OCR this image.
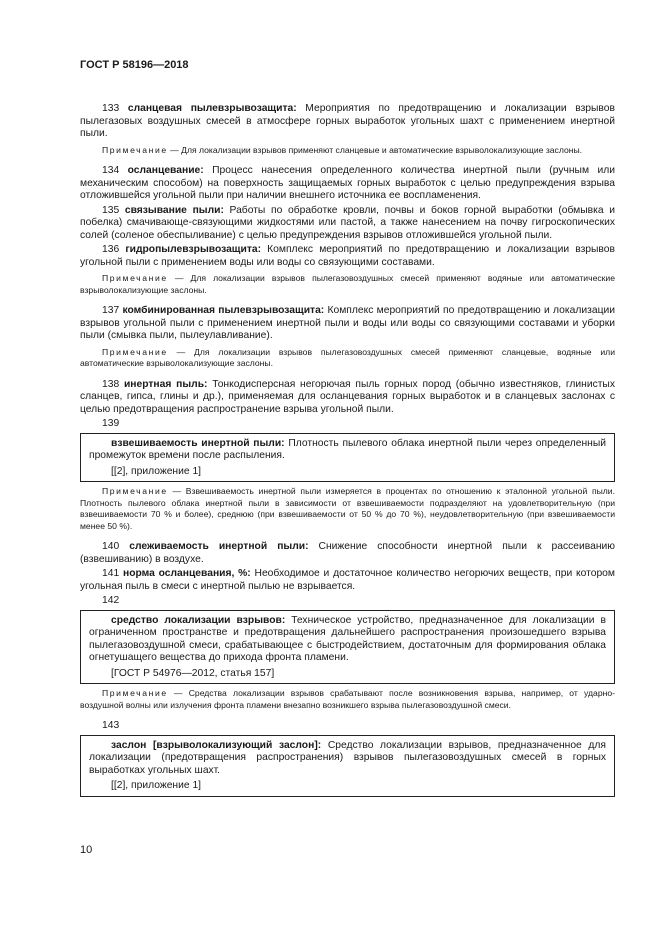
ГОСТ Р 58196—2018

133 сланцевая пылевзрывозащита: Мероприятия по предотвращению и локализации взрывов пылегазовых воздушных смесей в атмосфере горных выработок угольных шахт с применением инертной пыли.

Примечание — Для локализации взрывов применяют сланцевые и автоматические взрыволокализующие заслоны.

134 осланцевание: Процесс нанесения определенного количества инертной пыли (ручным или механическим способом) на поверхность защищаемых горных выработок с целью предупреждения взрыва отложившейся угольной пыли при наличии внешнего источника ее воспламенения.

135 связывание пыли: Работы по обработке кровли, почвы и боков горной выработки (обмывка и побелка) смачивающе-связующими жидкостями или пастой, а также нанесением на почву гигроскопических солей (соленое обеспыливание) с целью предупреждения взрывов отложившейся угольной пыли.

136 гидропылевзрывозащита: Комплекс мероприятий по предотвращению и локализации взрывов угольной пыли с применением воды или воды со связующими составами.

Примечание — Для локализации взрывов пылегазовоздушных смесей применяют водяные или автоматические взрыволокализующие заслоны.

137 комбинированная пылевзрывозащита: Комплекс мероприятий по предотвращению и локализации взрывов угольной пыли с применением инертной пыли и воды или воды со связующими составами и уборки пыли (смывка пыли, пылеулавливание).

Примечание — Для локализации взрывов пылегазовоздушных смесей применяют сланцевые, водяные или автоматические взрыволокализующие заслоны.

138 инертная пыль: Тонкодисперсная негорючая пыль горных пород (обычно известняков, глинистых сланцев, гипса, глины и др.), применяемая для осланцевания горных выработок и в сланцевых заслонах с целью предотвращения распространение взрыва угольной пыли.

139

взвешиваемость инертной пыли: Плотность пылевого облака инертной пыли через определенный промежуток времени после распыления.

[[2], приложение 1]

Примечание — Взвешиваемость инертной пыли измеряется в процентах по отношению к эталонной угольной пыли. Плотность пылевого облака инертной пыли в зависимости от взвешиваемости подразделяют на удовлетворительную (при взвешиваемости 70 % и более), среднюю (при взвешиваемости от 50 % до 70 %), неудовлетворительную (при взвешиваемости менее 50 %).

140 слеживаемость инертной пыли: Снижение способности инертной пыли к рассеиванию (взвешиванию) в воздухе.

141 норма осланцевания, %: Необходимое и достаточное количество негорючих веществ, при котором угольная пыль в смеси с инертной пылью не взрывается.

142

средство локализации взрывов: Техническое устройство, предназначенное для локализации в ограниченном пространстве и предотвращения дальнейшего распространения произошедшего взрыва пылегазовоздушной смеси, срабатывающее с быстродействием, достаточным для формирования облака огнетушащего вещества до прихода фронта пламени.

[ГОСТ Р 54976—2012, статья 157]

Примечание — Средства локализации взрывов срабатывают после возникновения взрыва, например, от ударно-воздушной волны или излучения фронта пламени внезапно возникшего взрыва пылегазовоздушной смеси.

143

заслон [взрыволокализующий заслон]: Средство локализации взрывов, предназначенное для локализации (предотвращения распространения) взрывов пылегазовоздушных смесей в горных выработках угольных шахт.

[[2], приложение 1]

10
